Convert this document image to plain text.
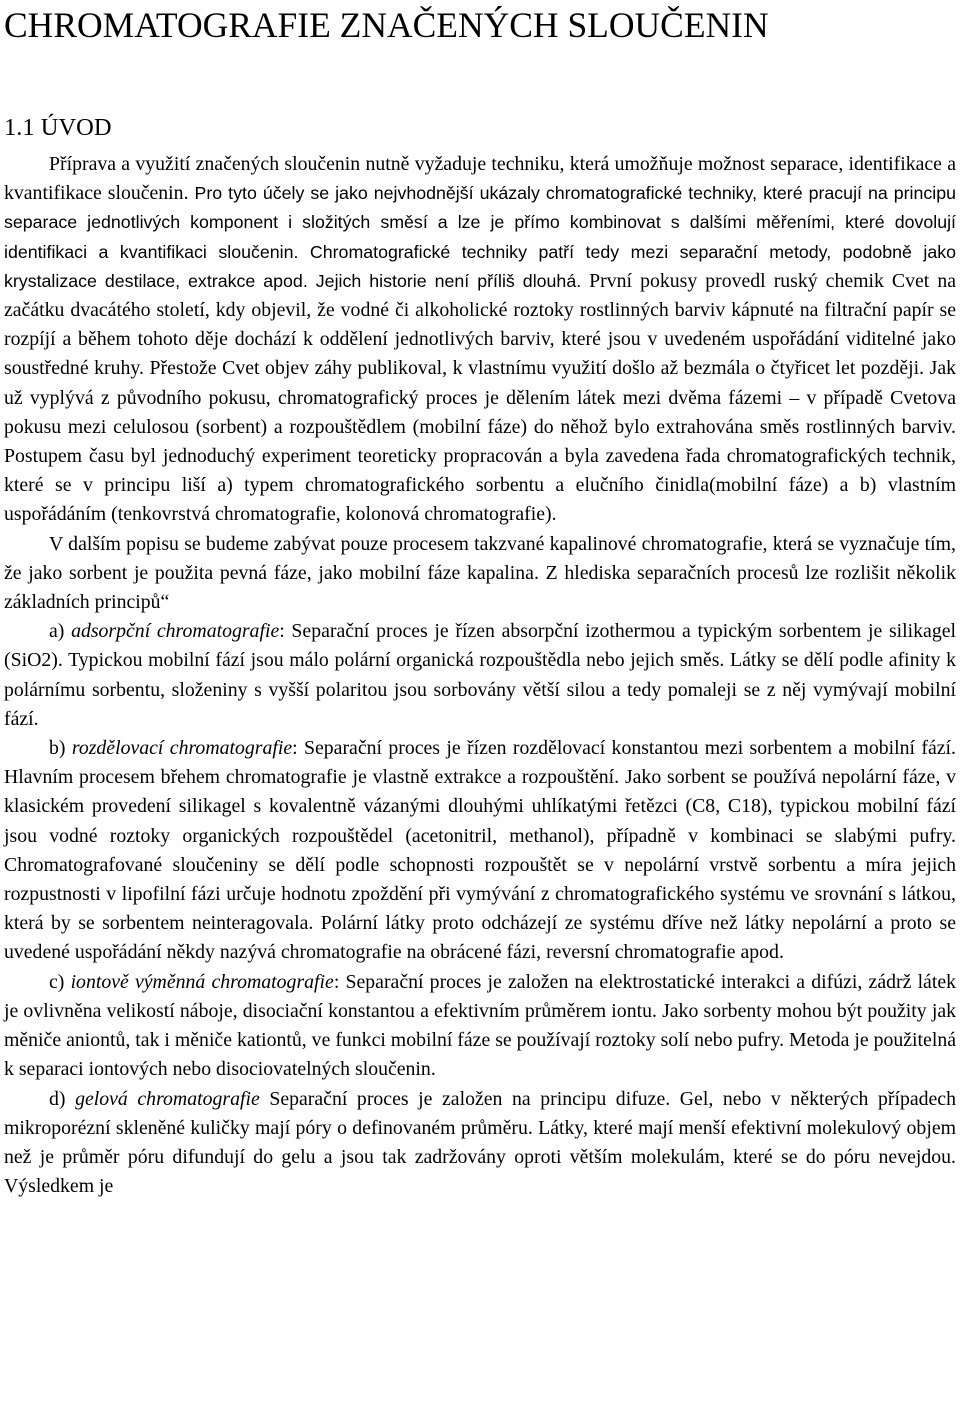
CHROMATOGRAFIE ZNAČENÝCH SLOUČENIN
1.1 ÚVOD

Příprava a využití značených sloučenin nutně vyžaduje techniku, která umožňuje možnost separace, identifikace a kvantifikace sloučenin. Pro tyto účely se jako nejvhodnější ukázaly chromatografické techniky, které pracují na principu separace jednotlivých komponent i složitých směsí a lze je přímo kombinovat s dalšími měřeními, které dovolují identifikaci a kvantifikaci sloučenin. Chromatografické techniky patří tedy mezi separační metody, podobně jako krystalizace destilace, extrakce apod. Jejich historie není příliš dlouhá. První pokusy provedl ruský chemik Cvet na začátku dvacátého století, kdy objevil, že vodné či alkoholické roztoky rostlinných barviv kápnuté na filtrační papír se rozpíjí a během tohoto děje dochází k oddělení jednotlivých barviv, které jsou v uvedeném uspořádání viditelné jako soustředné kruhy. Přestože Cvet objev záhy publikoval, k vlastnímu využití došlo až bezmála o čtyřicet let později. Jak už vyplývá z původního pokusu, chromatografický proces je dělením látek mezi dvěma fázemi – v případě Cvetova pokusu mezi celulosou (sorbent) a rozpouštědlem (mobilní fáze) do něhož bylo extrahována směs rostlinných barviv. Postupem času byl jednoduchý experiment teoreticky propracován a byla zavedena řada chromatografických technik, které se v principu liší a) typem chromatografického sorbentu a elučního činidla(mobilní fáze) a b) vlastním uspořádáním (tenkovrstvá chromatografie, kolonová chromatografie).

V dalším popisu se budeme zabývat pouze procesem takzvané kapalinové chromatografie, která se vyznačuje tím, že jako sorbent je použita pevná fáze, jako mobilní fáze kapalina. Z hlediska separačních procesů lze rozlišit několik základních principů“

a) adsorpční chromatografie: Separační proces je řízen absorpční izothermou a typickým sorbentem je silikagel (SiO2). Typickou mobilní fází jsou málo polární organická rozpouštědla nebo jejich směs. Látky se dělí podle afinity k polárnímu sorbentu, složeniny s vyšší polaritou jsou sorbovány větší silou a tedy pomaleji se z něj vymývají mobilní fází.

b) rozdělovací chromatografie: Separační proces je řízen rozdělovací konstantou mezi sorbentem a mobilní fází. Hlavním procesem břehem chromatografie je vlastně extrakce a rozpouštění. Jako sorbent se používá nepolární fáze, v klasickém provedení silikagel s kovalentně vázanými dlouhými uhlíkatými řetězci (C8, C18), typickou mobilní fází jsou vodné roztoky organických rozpouštědel (acetonitril, methanol), případně v kombinaci se slabými pufry. Chromatografované sloučeniny se dělí podle schopnosti rozpouštět se v nepolární vrstvě sorbentu a míra jejich rozpustnosti v lipofilní fázi určuje hodnotu zpoždění při vymývání z chromatografického systému ve srovnání s látkou, která by se sorbentem neinteragovala. Polární látky proto odcházejí ze systému dříve než látky nepolární a proto se uvedené uspořádání někdy nazývá chromatografie na obrácené fázi, reversní chromatografie apod.

c) iontově výměnná chromatografie: Separační proces je založen na elektrostatické interakci a difúzi, zádrž látek je ovlivněna velikostí náboje, disociační konstantou a efektivním průměrem iontu. Jako sorbenty mohou být použity jak měniče aniontů, tak i měniče kationtů, ve funkci mobilní fáze se používají roztoky solí nebo pufry. Metoda je použitelná k separaci iontových nebo disociovatelných sloučenin.

d) gelová chromatografie Separační proces je založen na principu difuze. Gel, nebo v některých případech mikroporézní skleněné kuličky mají póry o definovaném průměru. Látky, které mají menší efektivní molekulový objem než je průměr póru difundují do gelu a jsou tak zadržovány oproti větším molekulám, které se do póru nevejdou. Výsledkem je
